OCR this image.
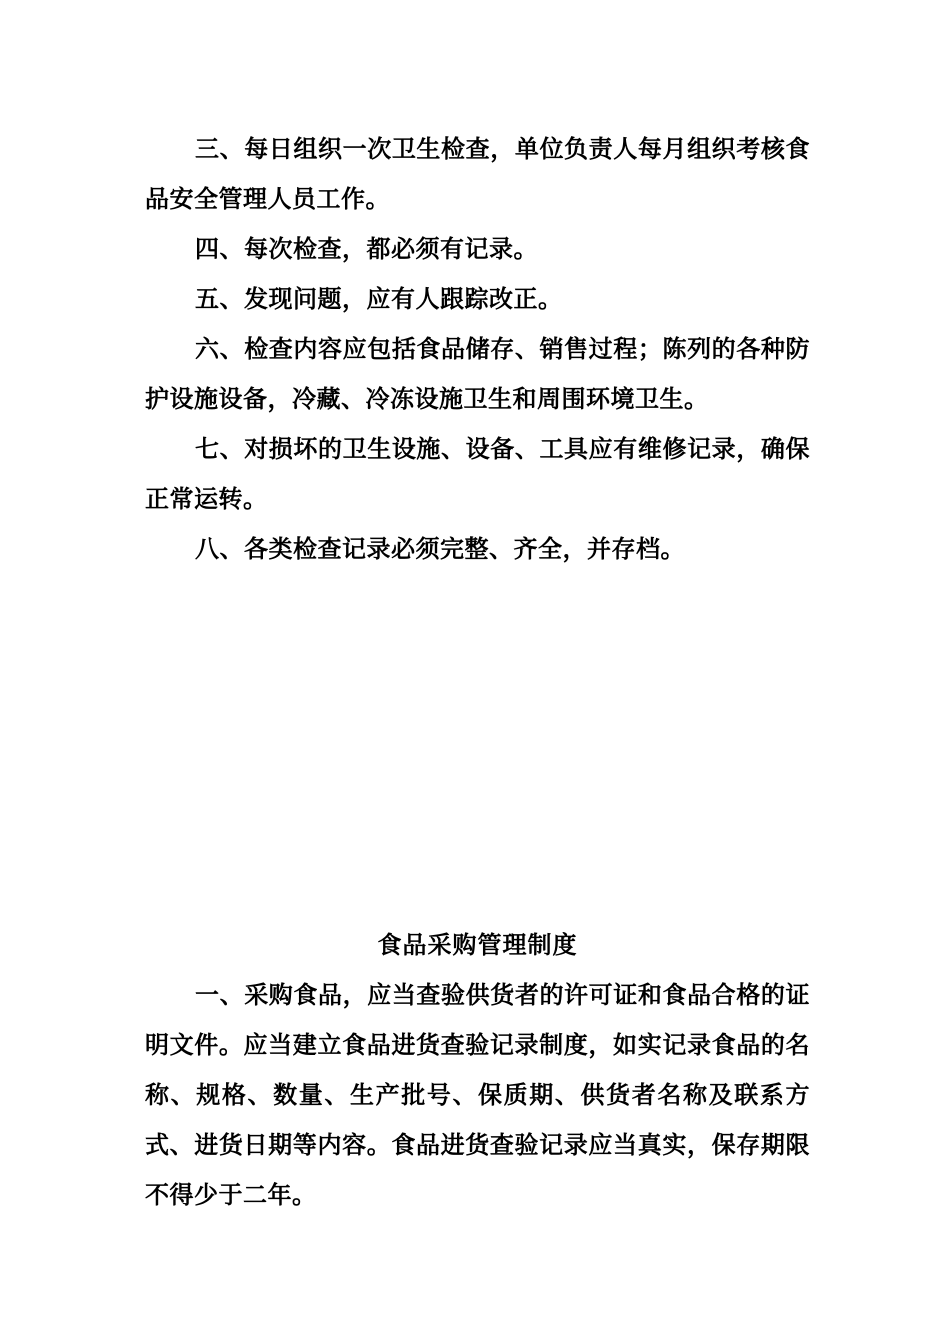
三、每日组织一次卫生检查，单位负责人每月组织考核食品安全管理人员工作。

四、每次检查，都必须有记录。

五、发现问题，应有人跟踪改正。

六、检查内容应包括食品储存、销售过程；陈列的各种防护设施设备，冷藏、冷冻设施卫生和周围环境卫生。

七、对损坏的卫生设施、设备、工具应有维修记录，确保正常运转。

八、各类检查记录必须完整、齐全，并存档。

食品采购管理制度

一、采购食品，应当查验供货者的许可证和食品合格的证明文件。应当建立食品进货查验记录制度，如实记录食品的名称、规格、数量、生产批号、保质期、供货者名称及联系方式、进货日期等内容。食品进货查验记录应当真实，保存期限不得少于二年。
